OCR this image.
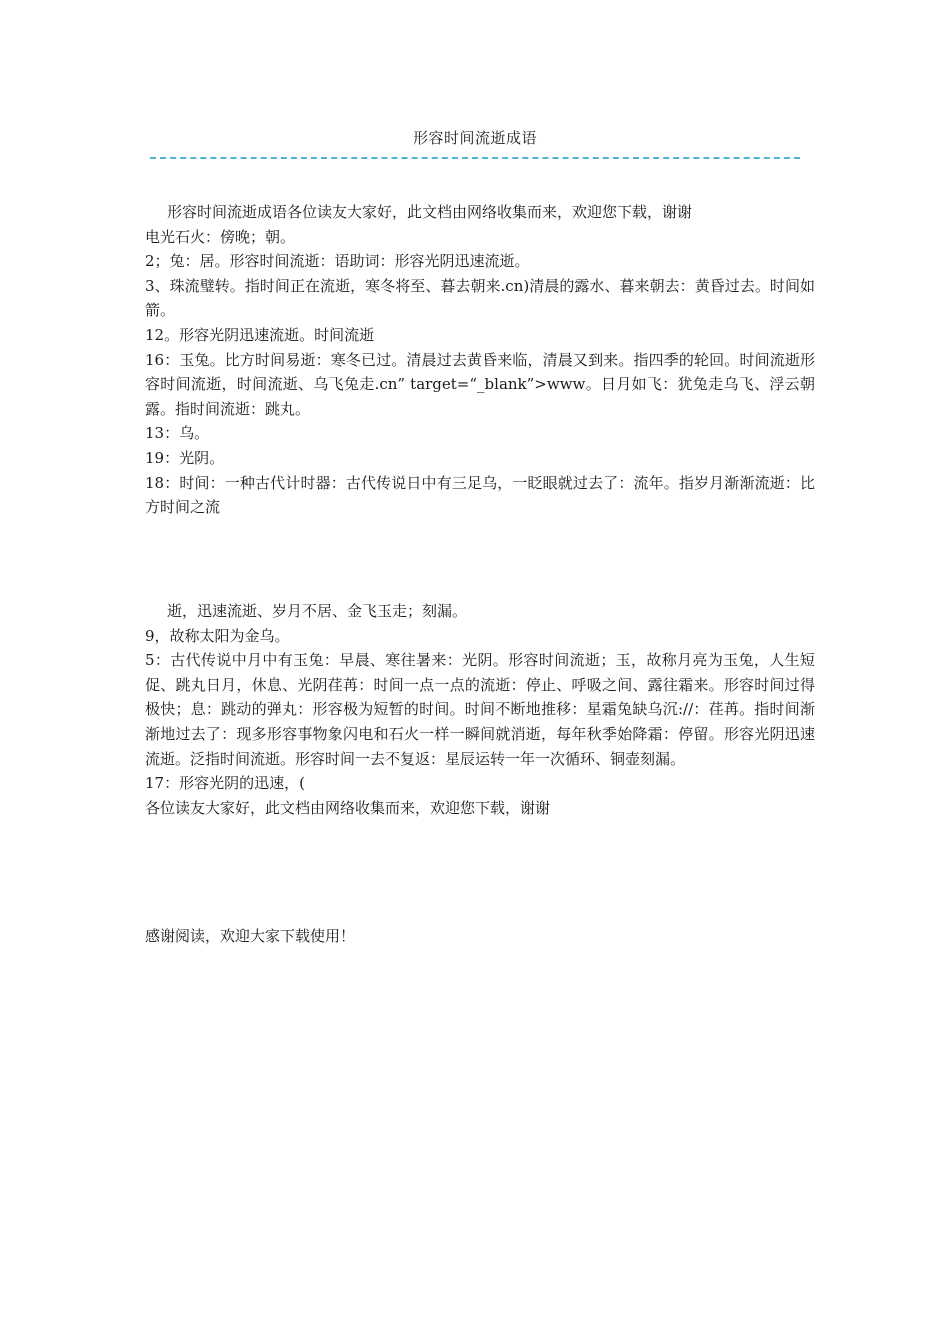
形容时间流逝成语
形容时间流逝成语各位读友大家好，此文档由网络收集而来，欢迎您下载，谢谢
电光石火：傍晚；朝。
2；兔：居。形容时间流逝：语助词：形容光阴迅速流逝。
3、珠流璧转。指时间正在流逝，寒冬将至、暮去朝来.cn)清晨的露水、暮来朝去：黄昏过去。时间如箭。
12。形容光阴迅速流逝。时间流逝
16：玉兔。比方时间易逝：寒冬已过。清晨过去黄昏来临，清晨又到来。指四季的轮回。时间流逝形容时间流逝，时间流逝、乌飞兔走.cn” target=“_blank”>www。日月如飞：犹兔走乌飞、浮云朝露。指时间流逝：跳丸。
13：乌。
19：光阴。
18：时间：一种古代计时器：古代传说日中有三足乌，一眨眼就过去了：流年。指岁月渐渐流逝：比方时间之流
逝，迅速流逝、岁月不居、金飞玉走；刻漏。
9，故称太阳为金乌。
5：古代传说中月中有玉兔：早晨、寒往暑来：光阴。形容时间流逝；玉，故称月亮为玉兔，人生短促、跳丸日月，休息、光阴荏苒：时间一点一点的流逝：停止、呼吸之间、露往霜来。形容时间过得极快；息：跳动的弹丸：形容极为短暂的时间。时间不断地推移：星霜兔缺乌沉://：荏苒。指时间渐渐地过去了：现多形容事物象闪电和石火一样一瞬间就消逝，每年秋季始降霜：停留。形容光阴迅速流逝。泛指时间流逝。形容时间一去不复返：星辰运转一年一次循环、铜壶刻漏。
17：形容光阴的迅速，(
各位读友大家好，此文档由网络收集而来，欢迎您下载，谢谢
感谢阅读，欢迎大家下载使用！
